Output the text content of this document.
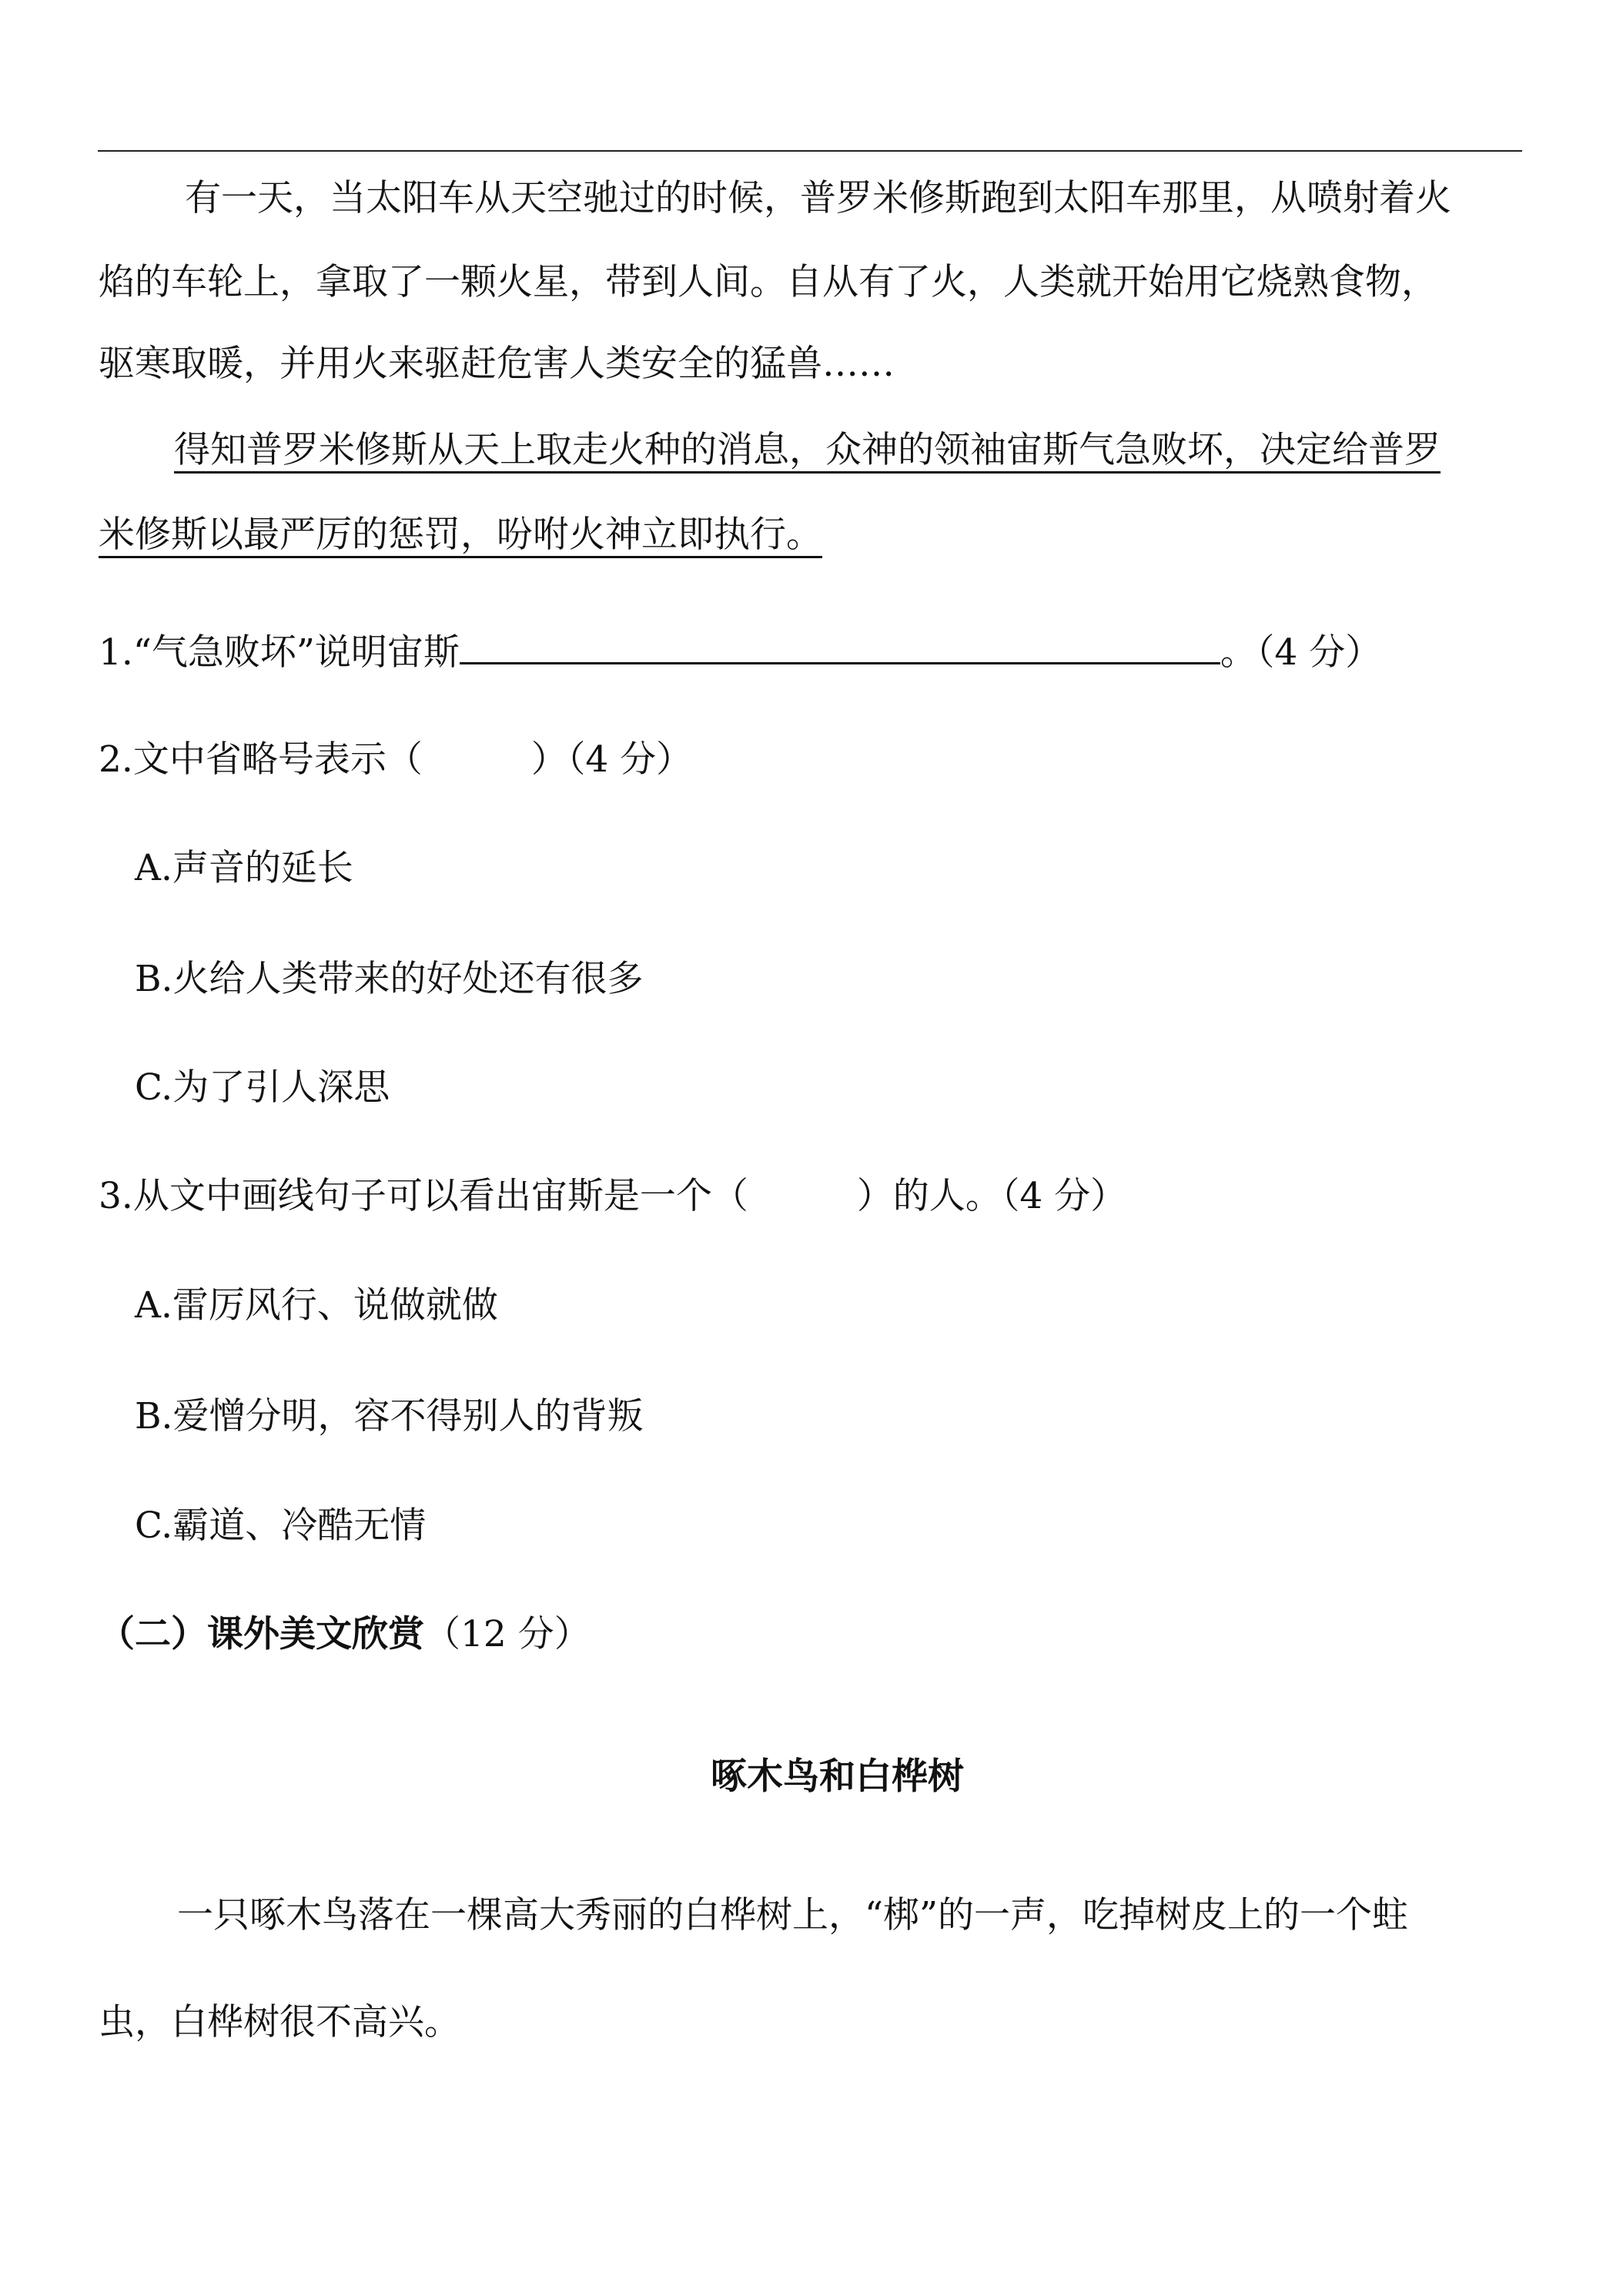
有一天，当太阳车从天空驰过的时候，普罗米修斯跑到太阳车那里，从喷射着火
焰的车轮上，拿取了一颗火星，带到人间。自从有了火，人类就开始用它烧熟食物，
驱寒取暖，并用火来驱赶危害人类安全的猛兽……
得知普罗米修斯从天上取走火种的消息，众神的领袖宙斯气急败坏，决定给普罗
米修斯以最严厉的惩罚，吩咐火神立即执行。
1.“气急败坏”说明宙斯	。（4 分）
2.文中省略号表示（　　　）（4 分）
A.声音的延长
B.火给人类带来的好处还有很多
C.为了引人深思
3.从文中画线句子可以看出宙斯是一个（　　　）的人。（4 分）
A.雷厉风行、说做就做
B.爱憎分明，容不得别人的背叛
C.霸道、冷酷无情
（二）课外美文欣赏（12 分）
啄木鸟和白桦树
一只啄木鸟落在一棵高大秀丽的白桦树上，“梆”的一声，吃掉树皮上的一个蛀
虫，白桦树很不高兴。
